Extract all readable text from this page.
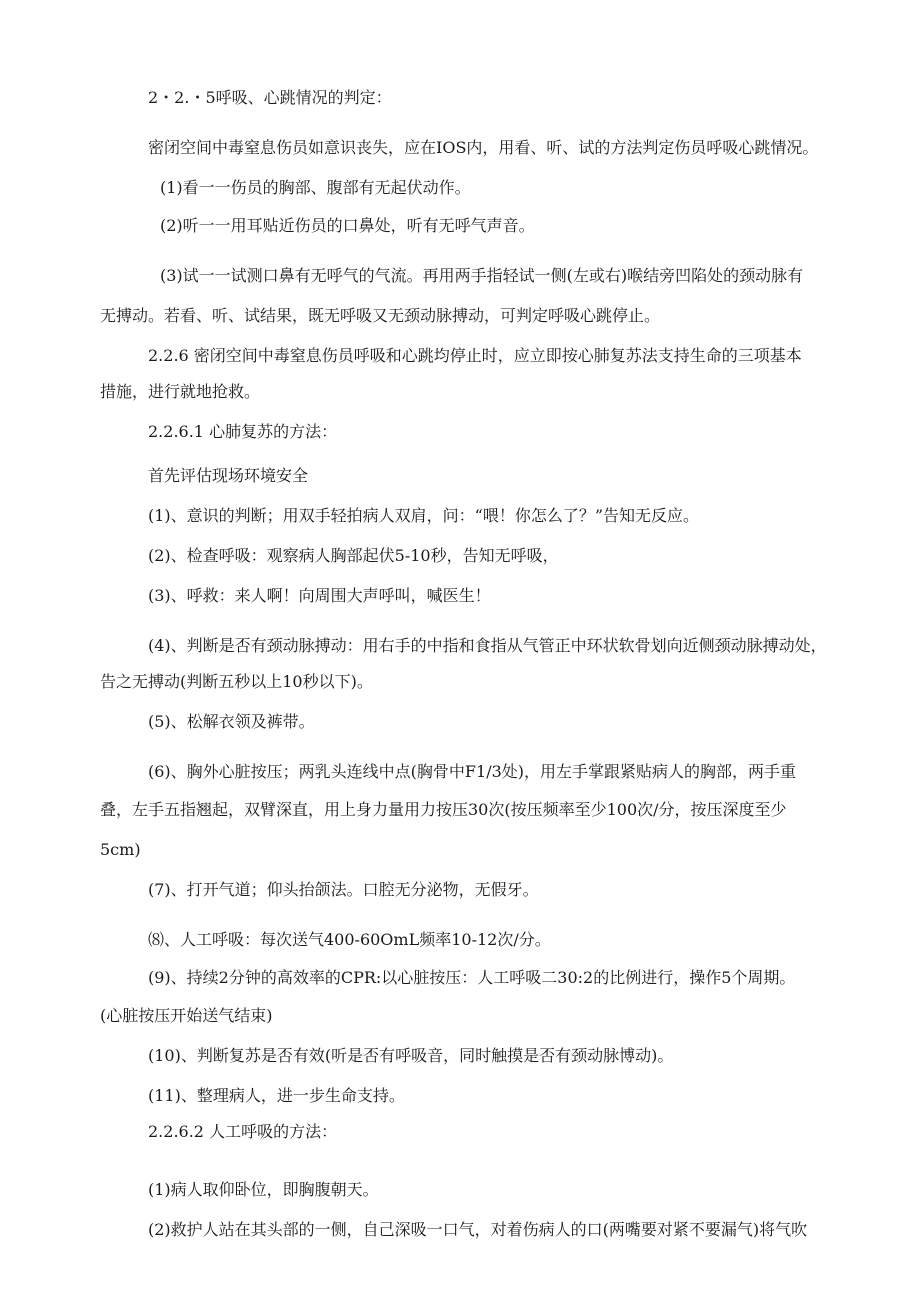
2・2.・5呼吸、心跳情况的判定：
密闭空间中毒窒息伤员如意识丧失，应在IOS内，用看、听、试的方法判定伤员呼吸心跳情况。
(1)看一一伤员的胸部、腹部有无起伏动作。
(2)听一一用耳贴近伤员的口鼻处，听有无呼气声音。
(3)试一一试测口鼻有无呼气的气流。再用两手指轻试一侧(左或右)喉结旁凹陷处的颈动脉有
无搏动。若看、听、试结果，既无呼吸又无颈动脉搏动，可判定呼吸心跳停止。
2.2.6 密闭空间中毒窒息伤员呼吸和心跳均停止时，应立即按心肺复苏法支持生命的三项基本
措施，进行就地抢救。
2.2.6.1 心肺复苏的方法：
首先评估现场环境安全
(1)、意识的判断；用双手轻拍病人双肩，问：“喂！你怎么了？”告知无反应。
(2)、检查呼吸：观察病人胸部起伏5-10秒，告知无呼吸，
(3)、呼救：来人啊！向周围大声呼叫，喊医生！
(4)、判断是否有颈动脉搏动：用右手的中指和食指从气管正中环状软骨划向近侧颈动脉搏动处，
告之无搏动(判断五秒以上10秒以下)。
(5)、松解衣领及裤带。
(6)、胸外心脏按压；两乳头连线中点(胸骨中F1/3处)，用左手掌跟紧贴病人的胸部，两手重
叠，左手五指翘起，双臂深直，用上身力量用力按压30次(按压频率至少100次/分，按压深度至少
5cm)
(7)、打开气道；仰头抬颌法。口腔无分泌物，无假牙。
⑻、人工呼吸：每次送气400-60OmL频率10-12次/分。
(9)、持续2分钟的高效率的CPR:以心脏按压：人工呼吸二30:2的比例进行，操作5个周期。
(心脏按压开始送气结束)
(10)、判断复苏是否有效(听是否有呼吸音，同时触摸是否有颈动脉博动)。
(11)、整理病人，进一步生命支持。
2.2.6.2 人工呼吸的方法：
(1)病人取仰卧位，即胸腹朝天。
(2)救护人站在其头部的一侧，自己深吸一口气，对着伤病人的口(两嘴要对紧不要漏气)将气吹
